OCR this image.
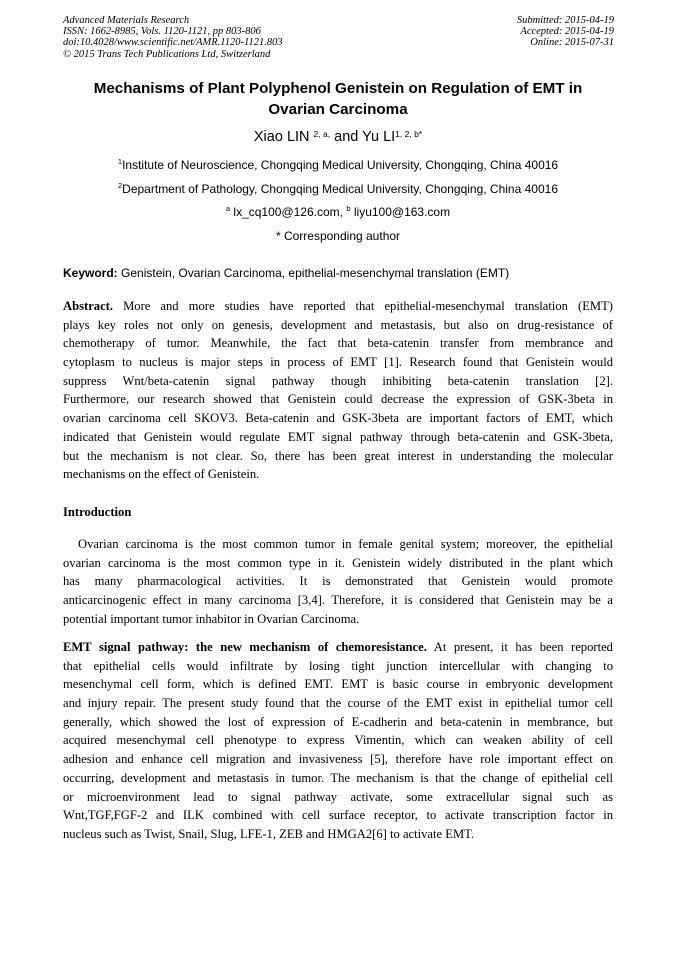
Advanced Materials Research
ISSN: 1662-8985, Vols. 1120-1121, pp 803-806
doi:10.4028/www.scientific.net/AMR.1120-1121.803
© 2015 Trans Tech Publications Ltd, Switzerland
Submitted: 2015-04-19
Accepted: 2015-04-19
Online: 2015-07-31
Mechanisms of Plant Polyphenol Genistein on Regulation of EMT in
Ovarian Carcinoma
Xiao LIN $^{2, a,}$ and Yu $LI^{1, 2, b*}$
$^1$Institute of Neuroscience, Chongqing Medical University, Chongqing, China 40016
$^2$Department of Pathology, Chongqing Medical University, Chongqing, China 40016
$^a$ lx_cq100@126.com, $^b$ liyu100@163.com
* Corresponding author
Keyword: Genistein, Ovarian Carcinoma, epithelial-mesenchymal translation (EMT)
Abstract. More and more studies have reported that epithelial-mesenchymal translation (EMT)
plays key roles not only on genesis, development and metastasis, but also on drug-resistance of
chemotherapy of tumor. Meanwhile, the fact that beta-catenin transfer from membrance and
cytoplasm to nucleus is major steps in process of EMT [1]. Research found that Genistein would
suppress Wnt/beta-catenin signal pathway though inhibiting beta-catenin translation [2].
Furthermore, our research showed that Genistein could decrease the expression of GSK-3beta in
ovarian carcinoma cell SKOV3. Beta-catenin and GSK-3beta are important factors of EMT, which
indicated that Genistein would regulate EMT signal pathway through beta-catenin and GSK-3beta,
but the mechanism is not clear. So, there has been great interest in understanding the molecular
mechanisms on the effect of Genistein.
Introduction
Ovarian carcinoma is the most common tumor in female genital system; moreover, the epithelial
ovarian carcinoma is the most common type in it. Genistein widely distributed in the plant which
has many pharmacological activities. It is demonstrated that Genistein would promote
anticarcinogenic effect in many carcinoma [3,4]. Therefore, it is considered that Genistein may be a
potential important tumor inhabitor in Ovarian Carcinoma.
EMT signal pathway: the new mechanism of chemoresistance. At present, it has been reported
that epithelial cells would infiltrate by losing tight junction intercellular with changing to
mesenchymal cell form, which is defined EMT. EMT is basic course in embryonic development
and injury repair. The present study found that the course of the EMT exist in epithelial tumor cell
generally, which showed the lost of expression of E-cadherin and beta-catenin in membrance, but
acquired mesenchymal cell phenotype to express Vimentin, which can weaken ability of cell
adhesion and enhance cell migration and invasiveness [5], therefore have role important effect on
occurring, development and metastasis in tumor. The mechanism is that the change of epithelial cell
or microenvironment lead to signal pathway activate, some extracellular signal such as
Wnt,TGF,FGF-2 and ILK combined with cell surface receptor, to activate transcription factor in
nucleus such as Twist, Snail, Slug, LFE-1, ZEB and HMGA2[6] to activate EMT.
